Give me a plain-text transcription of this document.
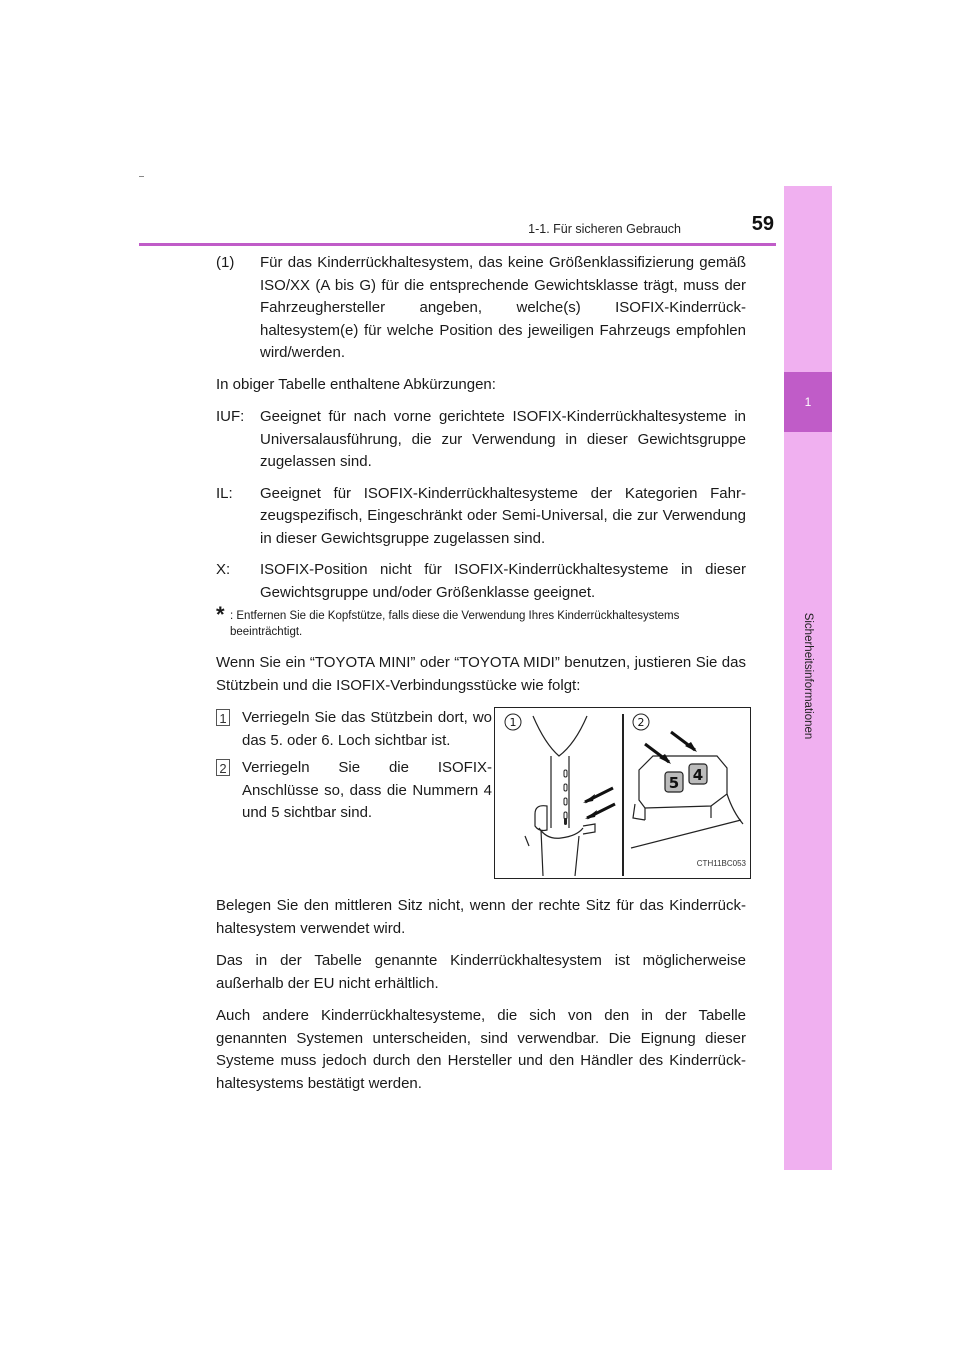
1-1. Für sicheren Gebrauch	59
1
Sicherheitsinformationen
(1)	Für das Kinderrückhaltesystem, das keine Größenklassifizierung gemäß ISO/XX (A bis G) für die entsprechende Gewichtsklasse trägt, muss der Fahrzeughersteller angeben, welche(s) ISOFIX-Kinderrückhaltesystem(e) für welche Position des jeweiligen Fahrzeugs empfohlen wird/werden.

In obiger Tabelle enthaltene Abkürzungen:

IUF:	Geeignet für nach vorne gerichtete ISOFIX-Kinderrückhaltesysteme in Universalausführung, die zur Verwendung in dieser Gewichtsgruppe zugelassen sind.
IL:	Geeignet für ISOFIX-Kinderrückhaltesysteme der Kategorien Fahrzeugspezifisch, Eingeschränkt oder Semi-Universal, die zur Verwendung in dieser Gewichtsgruppe zugelassen sind.
X:	ISOFIX-Position nicht für ISOFIX-Kinderrückhaltesysteme in dieser Gewichtsgruppe und/oder Größenklasse geeignet.
* : Entfernen Sie die Kopfstütze, falls diese die Verwendung Ihres Kinderrückhaltesystems beeinträchtigt.

Wenn Sie ein “TOYOTA MINI” oder “TOYOTA MIDI” benutzen, justieren Sie das Stützbein und die ISOFIX-Verbindungsstücke wie folgt:

1 Verriegeln Sie das Stützbein dort, wo das 5. oder 6. Loch sichtbar ist.
2 Verriegeln Sie die ISOFIX-Anschlüsse so, dass die Nummern 4 und 5 sichtbar sind.
1
5 4
2
CTH11BC053

Belegen Sie den mittleren Sitz nicht, wenn der rechte Sitz für das Kinderrückhaltesystem verwendet wird.

Das in der Tabelle genannte Kinderrückhaltesystem ist möglicherweise außerhalb der EU nicht erhältlich.

Auch andere Kinderrückhaltesysteme, die sich von den in der Tabelle genannten Systemen unterscheiden, sind verwendbar. Die Eignung dieser Systeme muss jedoch durch den Hersteller und den Händler des Kinderrückhaltesystems bestätigt werden.
